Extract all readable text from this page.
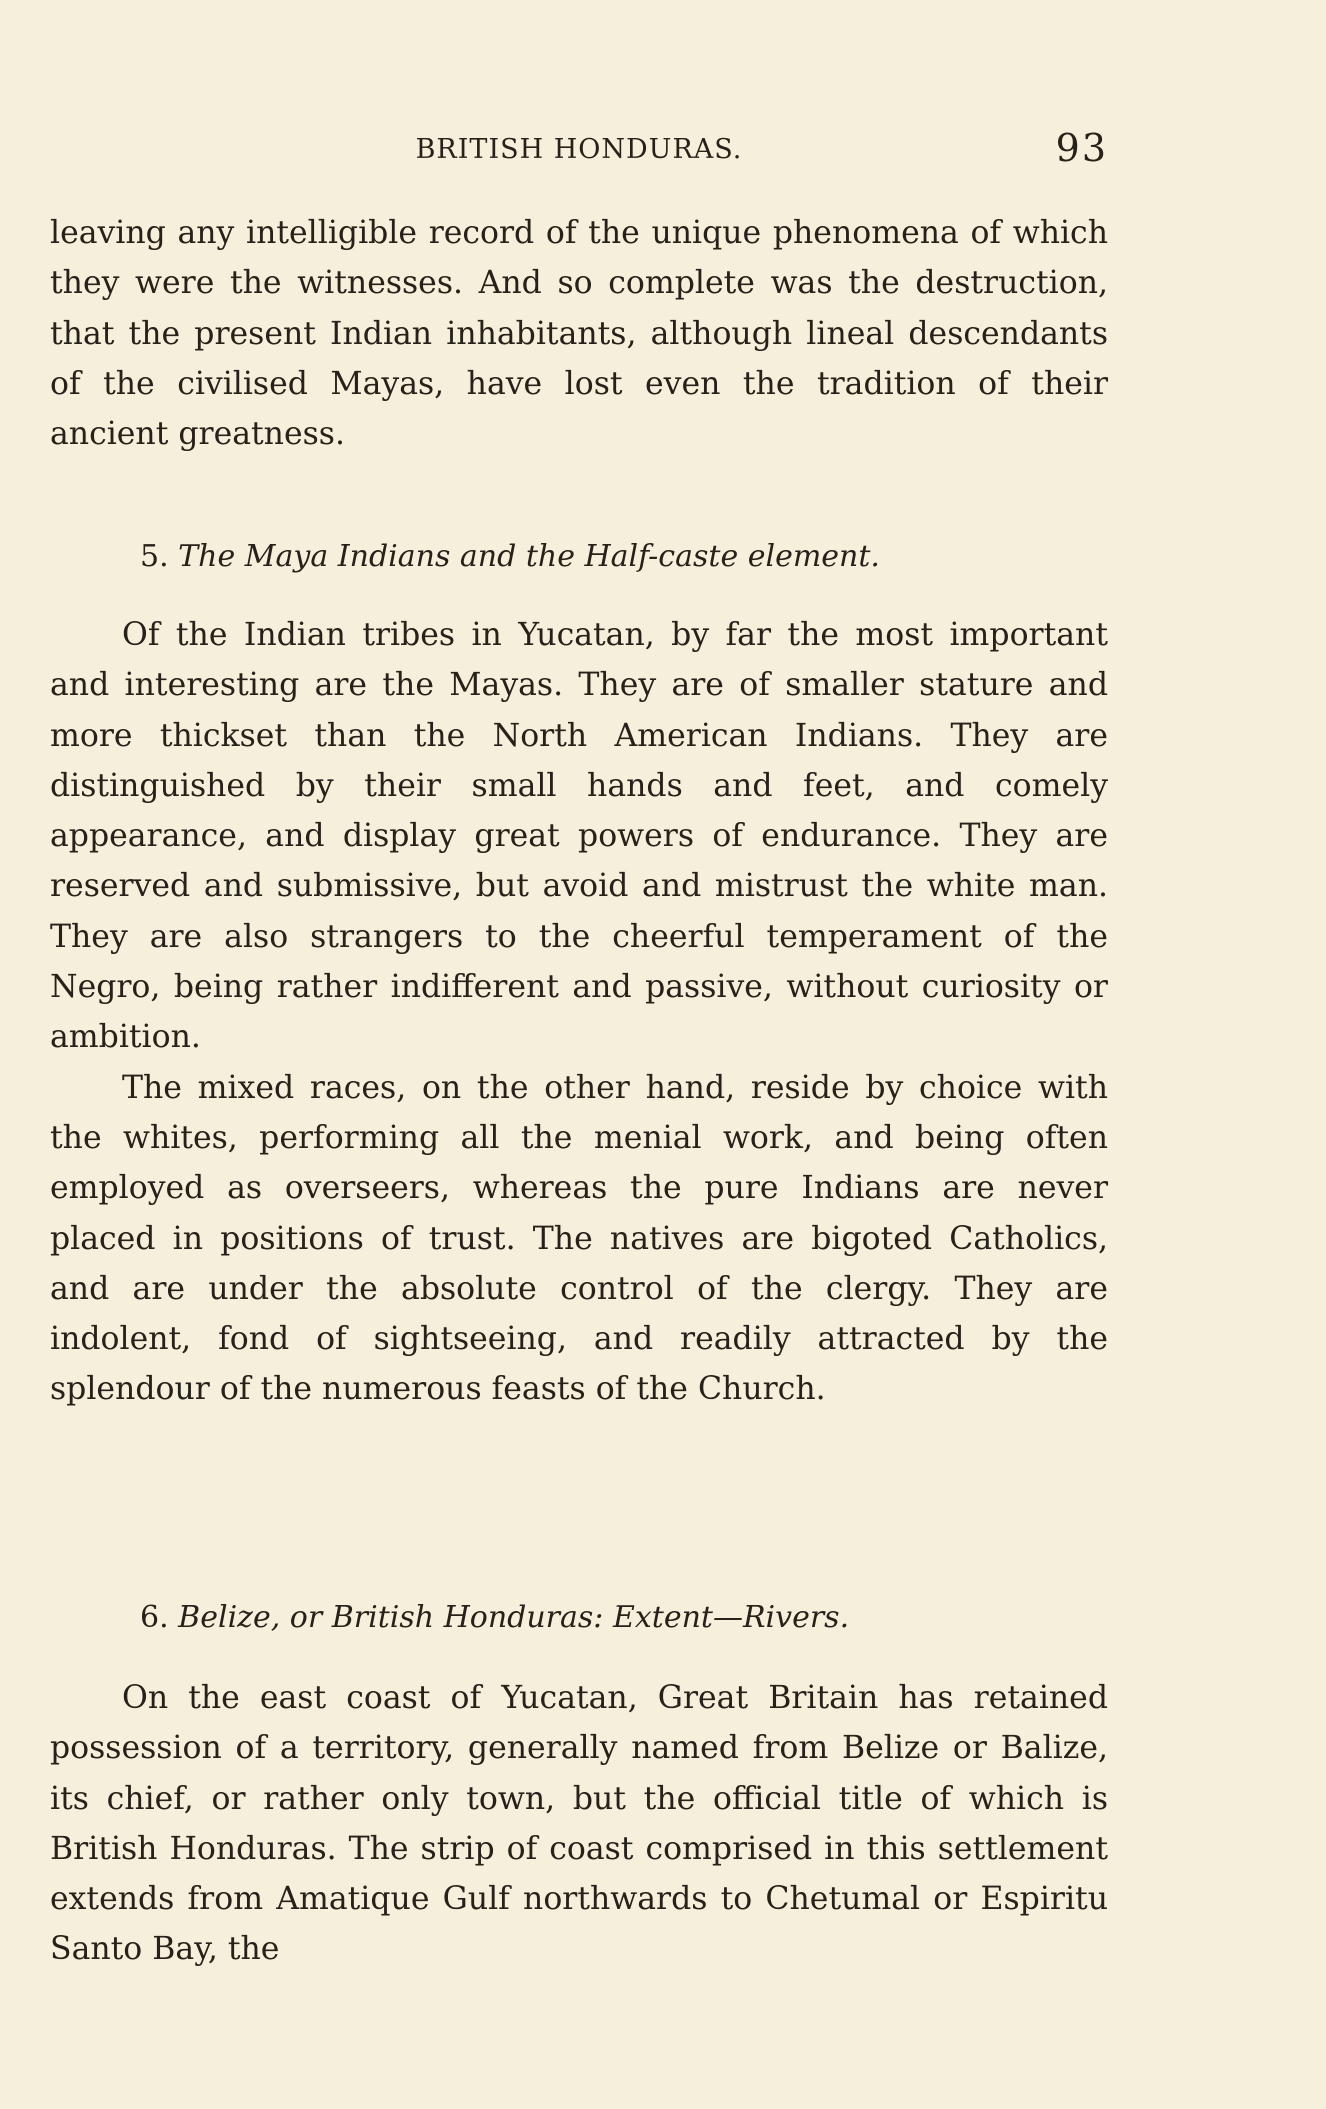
BRITISH HONDURAS.	93

leaving any intelligible record of the unique phenomena of which they were the witnesses. And so complete was the destruction, that the present Indian inhabitants, although lineal descendants of the civilised Mayas, have lost even the tradition of their ancient greatness.

5. The Maya Indians and the Half-caste element.

Of the Indian tribes in Yucatan, by far the most important and interesting are the Mayas. They are of smaller stature and more thickset than the North American Indians. They are distinguished by their small hands and feet, and comely appearance, and display great powers of endurance. They are reserved and submissive, but avoid and mistrust the white man. They are also strangers to the cheerful temperament of the Negro, being rather indifferent and passive, without curiosity or ambition.

The mixed races, on the other hand, reside by choice with the whites, performing all the menial work, and being often employed as overseers, whereas the pure Indians are never placed in positions of trust. The natives are bigoted Catholics, and are under the absolute control of the clergy. They are indolent, fond of sightseeing, and readily attracted by the splendour of the numerous feasts of the Church.

6. Belize, or British Honduras: Extent—Rivers.

On the east coast of Yucatan, Great Britain has retained possession of a territory, generally named from Belize or Balize, its chief, or rather only town, but the official title of which is British Honduras. The strip of coast comprised in this settlement extends from Amatique Gulf northwards to Chetumal or Espiritu Santo Bay, the
